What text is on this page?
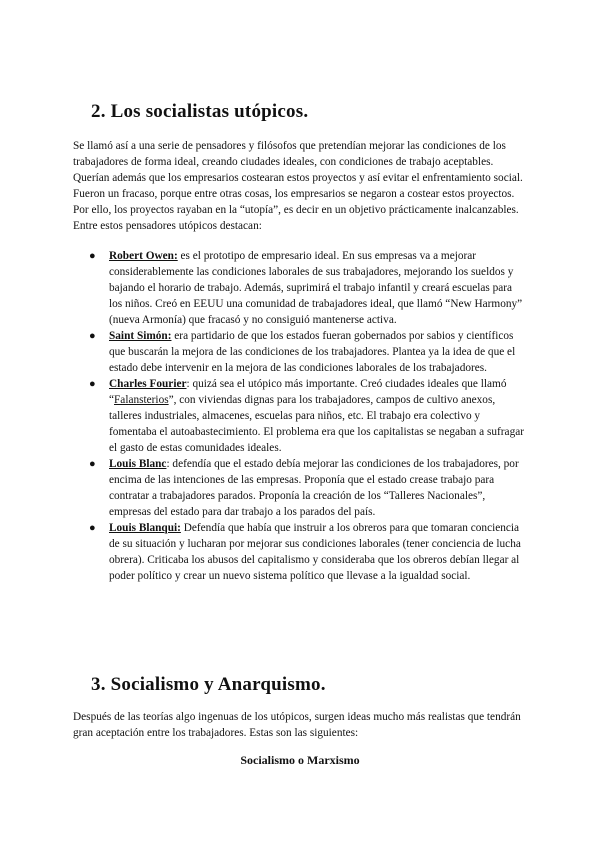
2. Los socialistas utópicos.

Se llamó así a una serie de pensadores y filósofos que pretendían mejorar las condiciones de los trabajadores de forma ideal, creando ciudades ideales, con condiciones de trabajo aceptables. Querían además que los empresarios costearan estos proyectos y así evitar el enfrentamiento social. Fueron un fracaso, porque entre otras cosas, los empresarios se negaron a costear estos proyectos. Por ello, los proyectos rayaban en la “utopía”, es decir en un objetivo prácticamente inalcanzables. Entre estos pensadores utópicos destacan:

● Robert Owen: es el prototipo de empresario ideal. En sus empresas va a mejorar considerablemente las condiciones laborales de sus trabajadores, mejorando los sueldos y bajando el horario de trabajo. Además, suprimirá el trabajo infantil y creará escuelas para los niños. Creó en EEUU una comunidad de trabajadores ideal, que llamó “New Harmony” (nueva Armonía) que fracasó y no consiguió mantenerse activa.
● Saint Simón: era partidario de que los estados fueran gobernados por sabios y científicos que buscarán la mejora de las condiciones de los trabajadores. Plantea ya la idea de que el estado debe intervenir en la mejora de las condiciones laborales de los trabajadores.
● Charles Fourier: quizá sea el utópico más importante. Creó ciudades ideales que llamó “Falansterios”, con viviendas dignas para los trabajadores, campos de cultivo anexos, talleres industriales, almacenes, escuelas para niños, etc. El trabajo era colectivo y fomentaba el autoabastecimiento. El problema era que los capitalistas se negaban a sufragar el gasto de estas comunidades ideales.
● Louis Blanc: defendía que el estado debía mejorar las condiciones de los trabajadores, por encima de las intenciones de las empresas. Proponía que el estado crease trabajo para contratar a trabajadores parados. Proponía la creación de los “Talleres Nacionales”, empresas del estado para dar trabajo a los parados del país.
● Louis Blanqui: Defendía que había que instruir a los obreros para que tomaran conciencia de su situación y lucharan por mejorar sus condiciones laborales (tener conciencia de lucha obrera). Criticaba los abusos del capitalismo y consideraba que los obreros debían llegar al poder político y crear un nuevo sistema político que llevase a la igualdad social.
3. Socialismo y Anarquismo.

Después de las teorías algo ingenuas de los utópicos, surgen ideas mucho más realistas que tendrán gran aceptación entre los trabajadores. Estas son las siguientes:

Socialismo o Marxismo
